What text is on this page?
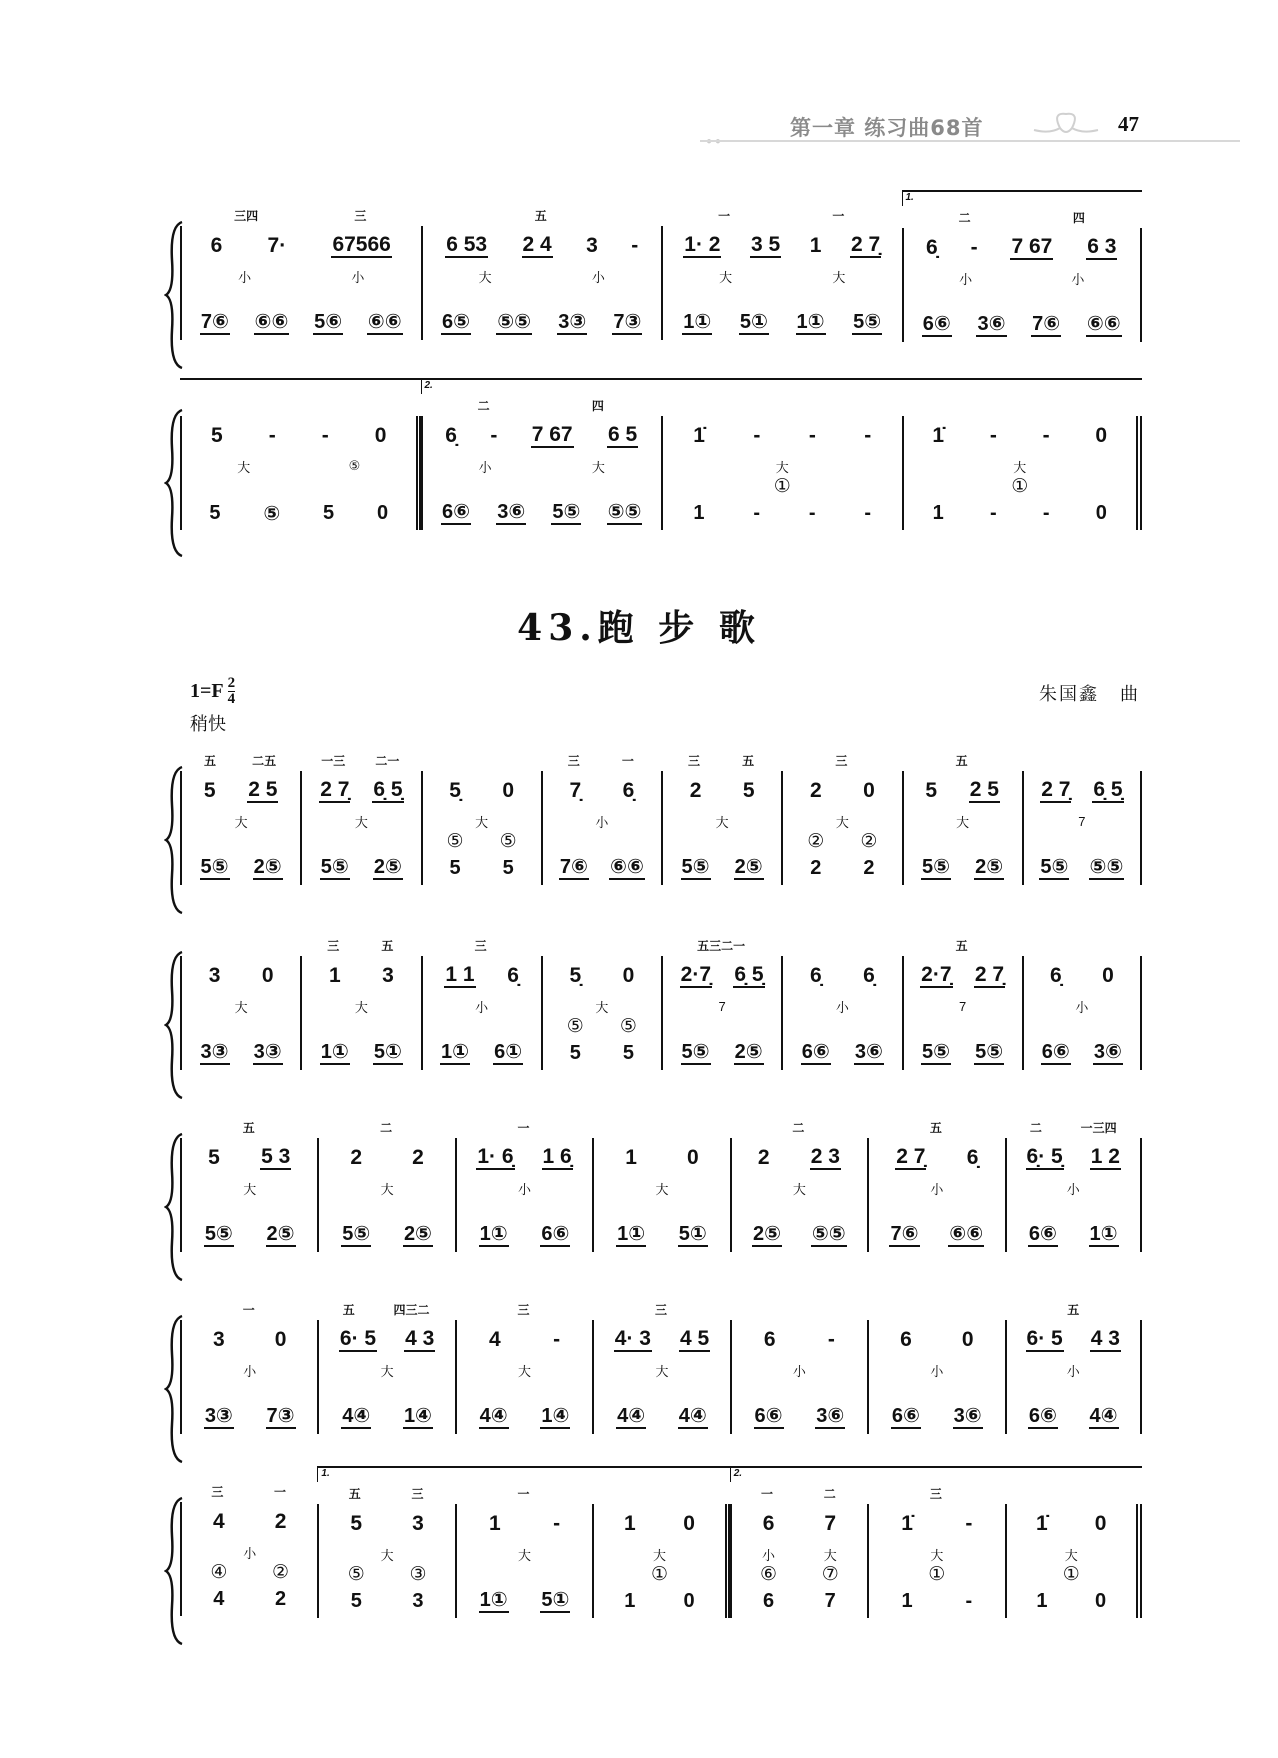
第一章 练习曲68首	47
● ●
43.跑 步 歌
$1=F \frac{2}{4}$
稍快
朱国鑫 曲
三四	三
6 7· 67566
小	小
7⑥ ⑥⑥ 5⑥ ⑥⑥
五
6 53 2 4 3 -
大	小
6⑤ ⑤⑤ 3③ 7③
一	一
1· 2 3 5 1 2 7̣
大	大
1① 5① 1① 5⑤
1.
二	四
6̣ - 7 67 6 3
小	小
6⑥ 3⑥ 7⑥ ⑥⑥
5 - - 0
大	⑤
5 ⑤ 5 0
2.
二	四
6̣ - 7 67 6 5
小	大
6⑥ 3⑥ 5⑤ ⑤⑤
1̇ - - -
大
①
1 - - -
1̇ - - 0
大
①
1 - - 0
五	二五
5 2 5
大
5⑤ 2⑤
一三	二一
2 7̣ 6̣ 5̣
大
5⑤ 2⑤
5̣ 0
大
⑤ ⑤
5 5
三	一
7̣ 6̣
小
7⑥ ⑥⑥
三	五
2 5
大
5⑤ 2⑤
三
2 0
大
② ②
2 2
五
5 2 5
大
5⑤ 2⑤
2 7̣ 6̣ 5̣
7
5⑤ ⑤⑤
3 0
大
3③ 3③
三	五
1 3
大
1① 5①
三
1 1 6̣
小
1① 6①
5̣ 0
大
⑤ ⑤
5 5
五三二一
2·7̣ 6̣ 5̣
7
5⑤ 2⑤
6̣ 6̣
小
6⑥ 3⑥
五
2·7̣ 2 7̣
7
5⑤ 5⑤
6̣ 0
小
6⑥ 3⑥
五
5 5 3
大
5⑤ 2⑤
二
2 2
大
5⑤ 2⑤
一
1· 6̣ 1 6̣
小
1① 6⑥
1 0
大
1① 5①
二
2 2 3
大
2⑤ ⑤⑤
五
2 7̣ 6̣
小
7⑥ ⑥⑥
二	一三四
6̣· 5̣ 1 2
小
6⑥ 1①
一
3 0
小
3③ 7③
五	四三二
6· 5 4 3
大
4④ 1④
三
4 -
大
4④ 1④
三
4· 3 4 5
大
4④ 4④
6 -
小
6⑥ 3⑥
6 0
小
6⑥ 3⑥
五
6· 5 4 3
小
6⑥ 4④
三	一
4 2
小
④ ②
4	2
1.
五	三
5 3
大
⑤ ③
5	3
一
1 -
大
1① 5①
1 0
大
①
1 0
2.
一	二
6 7
小	大
⑥ ⑦
6	7
三
1̇ -
大
①
1	-
1̇ 0
大
①
1 0
